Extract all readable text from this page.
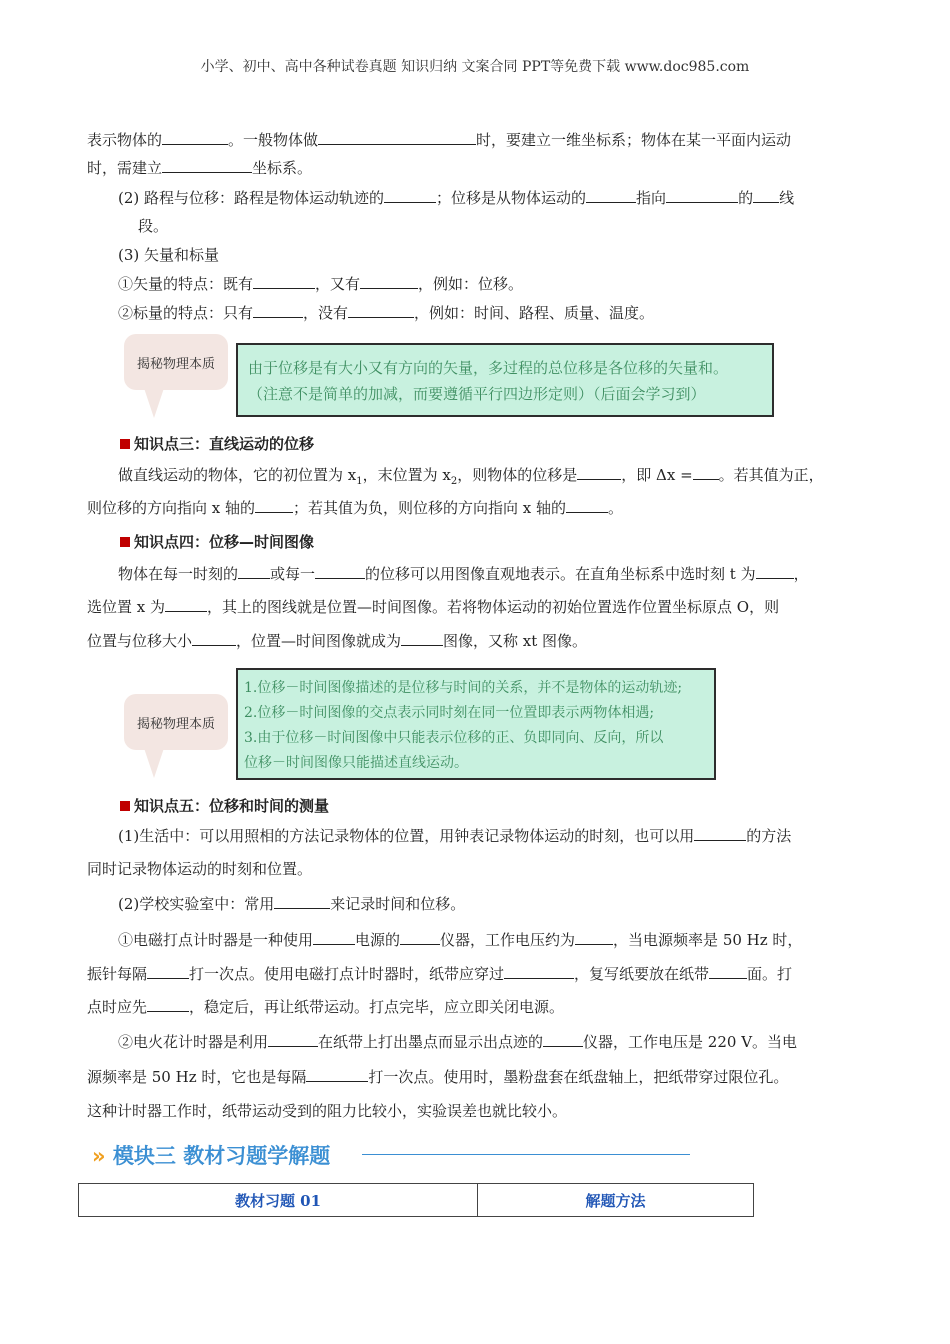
小学、初中、高中各种试卷真题 知识归纳 文案合同 PPT等免费下载 www.doc985.com
表示物体的	。一般物体做	时，要建立一维坐标系；物体在某一平面内运动
时，需建立	坐标系。
(2) 路程与位移：路程是物体运动轨迹的	；位移是从物体运动的	指向	的 线
段。
(3) 矢量和标量
①矢量的特点：既有	，又有	，例如：位移。
②标量的特点：只有	，没有	，例如：时间、路程、质量、温度。
揭秘物理本质	由于位移是有大小又有方向的矢量，多过程的总位移是各位移的矢量和。
（注意不是简单的加减，而要遵循平行四边形定则）（后面会学习到）
知识点三：直线运动的位移
做直线运动的物体，它的初位置为 $x_1$，末位置为 $x_2$，则物体的位移是	，即 Δx = 。若其值为正，
则位移的方向指向 x 轴的	；若其值为负，则位移的方向指向 x 轴的	。
知识点四：位移—时间图像
物体在每一时刻的 或每一	的位移可以用图像直观地表示。在直角坐标系中选时刻 t 为	，
选位置 x 为	，其上的图线就是位置—时间图像。若将物体运动的初始位置选作位置坐标原点 O，则
位置与位移大小	，位置—时间图像就成为	图像，又称 xt 图像。
揭秘物理本质
1.位移－时间图像描述的是位移与时间的关系，并不是物体的运动轨迹;
2.位移－时间图像的交点表示同时刻在同一位置即表示两物体相遇;
3.由于位移－时间图像中只能表示位移的正、负即同向、反向，所以
位移－时间图像只能描述直线运动。
知识点五：位移和时间的测量
(1)生活中：可以用照相的方法记录物体的位置，用钟表记录物体运动的时刻，也可以用	的方法
同时记录物体运动的时刻和位置。
(2)学校实验室中：常用	来记录时间和位移。
①电磁打点计时器是一种使用	电源的	仪器，工作电压约为	，当电源频率是 50 Hz 时，
振针每隔	打一次点。使用电磁打点计时器时，纸带应穿过	，复写纸要放在纸带	面。打
点时应先	，稳定后，再让纸带运动。打点完毕，应立即关闭电源。
②电火花计时器是利用	在纸带上打出墨点而显示出点迹的	仪器，工作电压是 220 V。当电
源频率是 50 Hz 时，它也是每隔	打一次点。使用时，墨粉盘套在纸盘轴上，把纸带穿过限位孔。
这种计时器工作时，纸带运动受到的阻力比较小，实验误差也就比较小。
» 模块三 教材习题学解题
教材习题 01	解题方法
